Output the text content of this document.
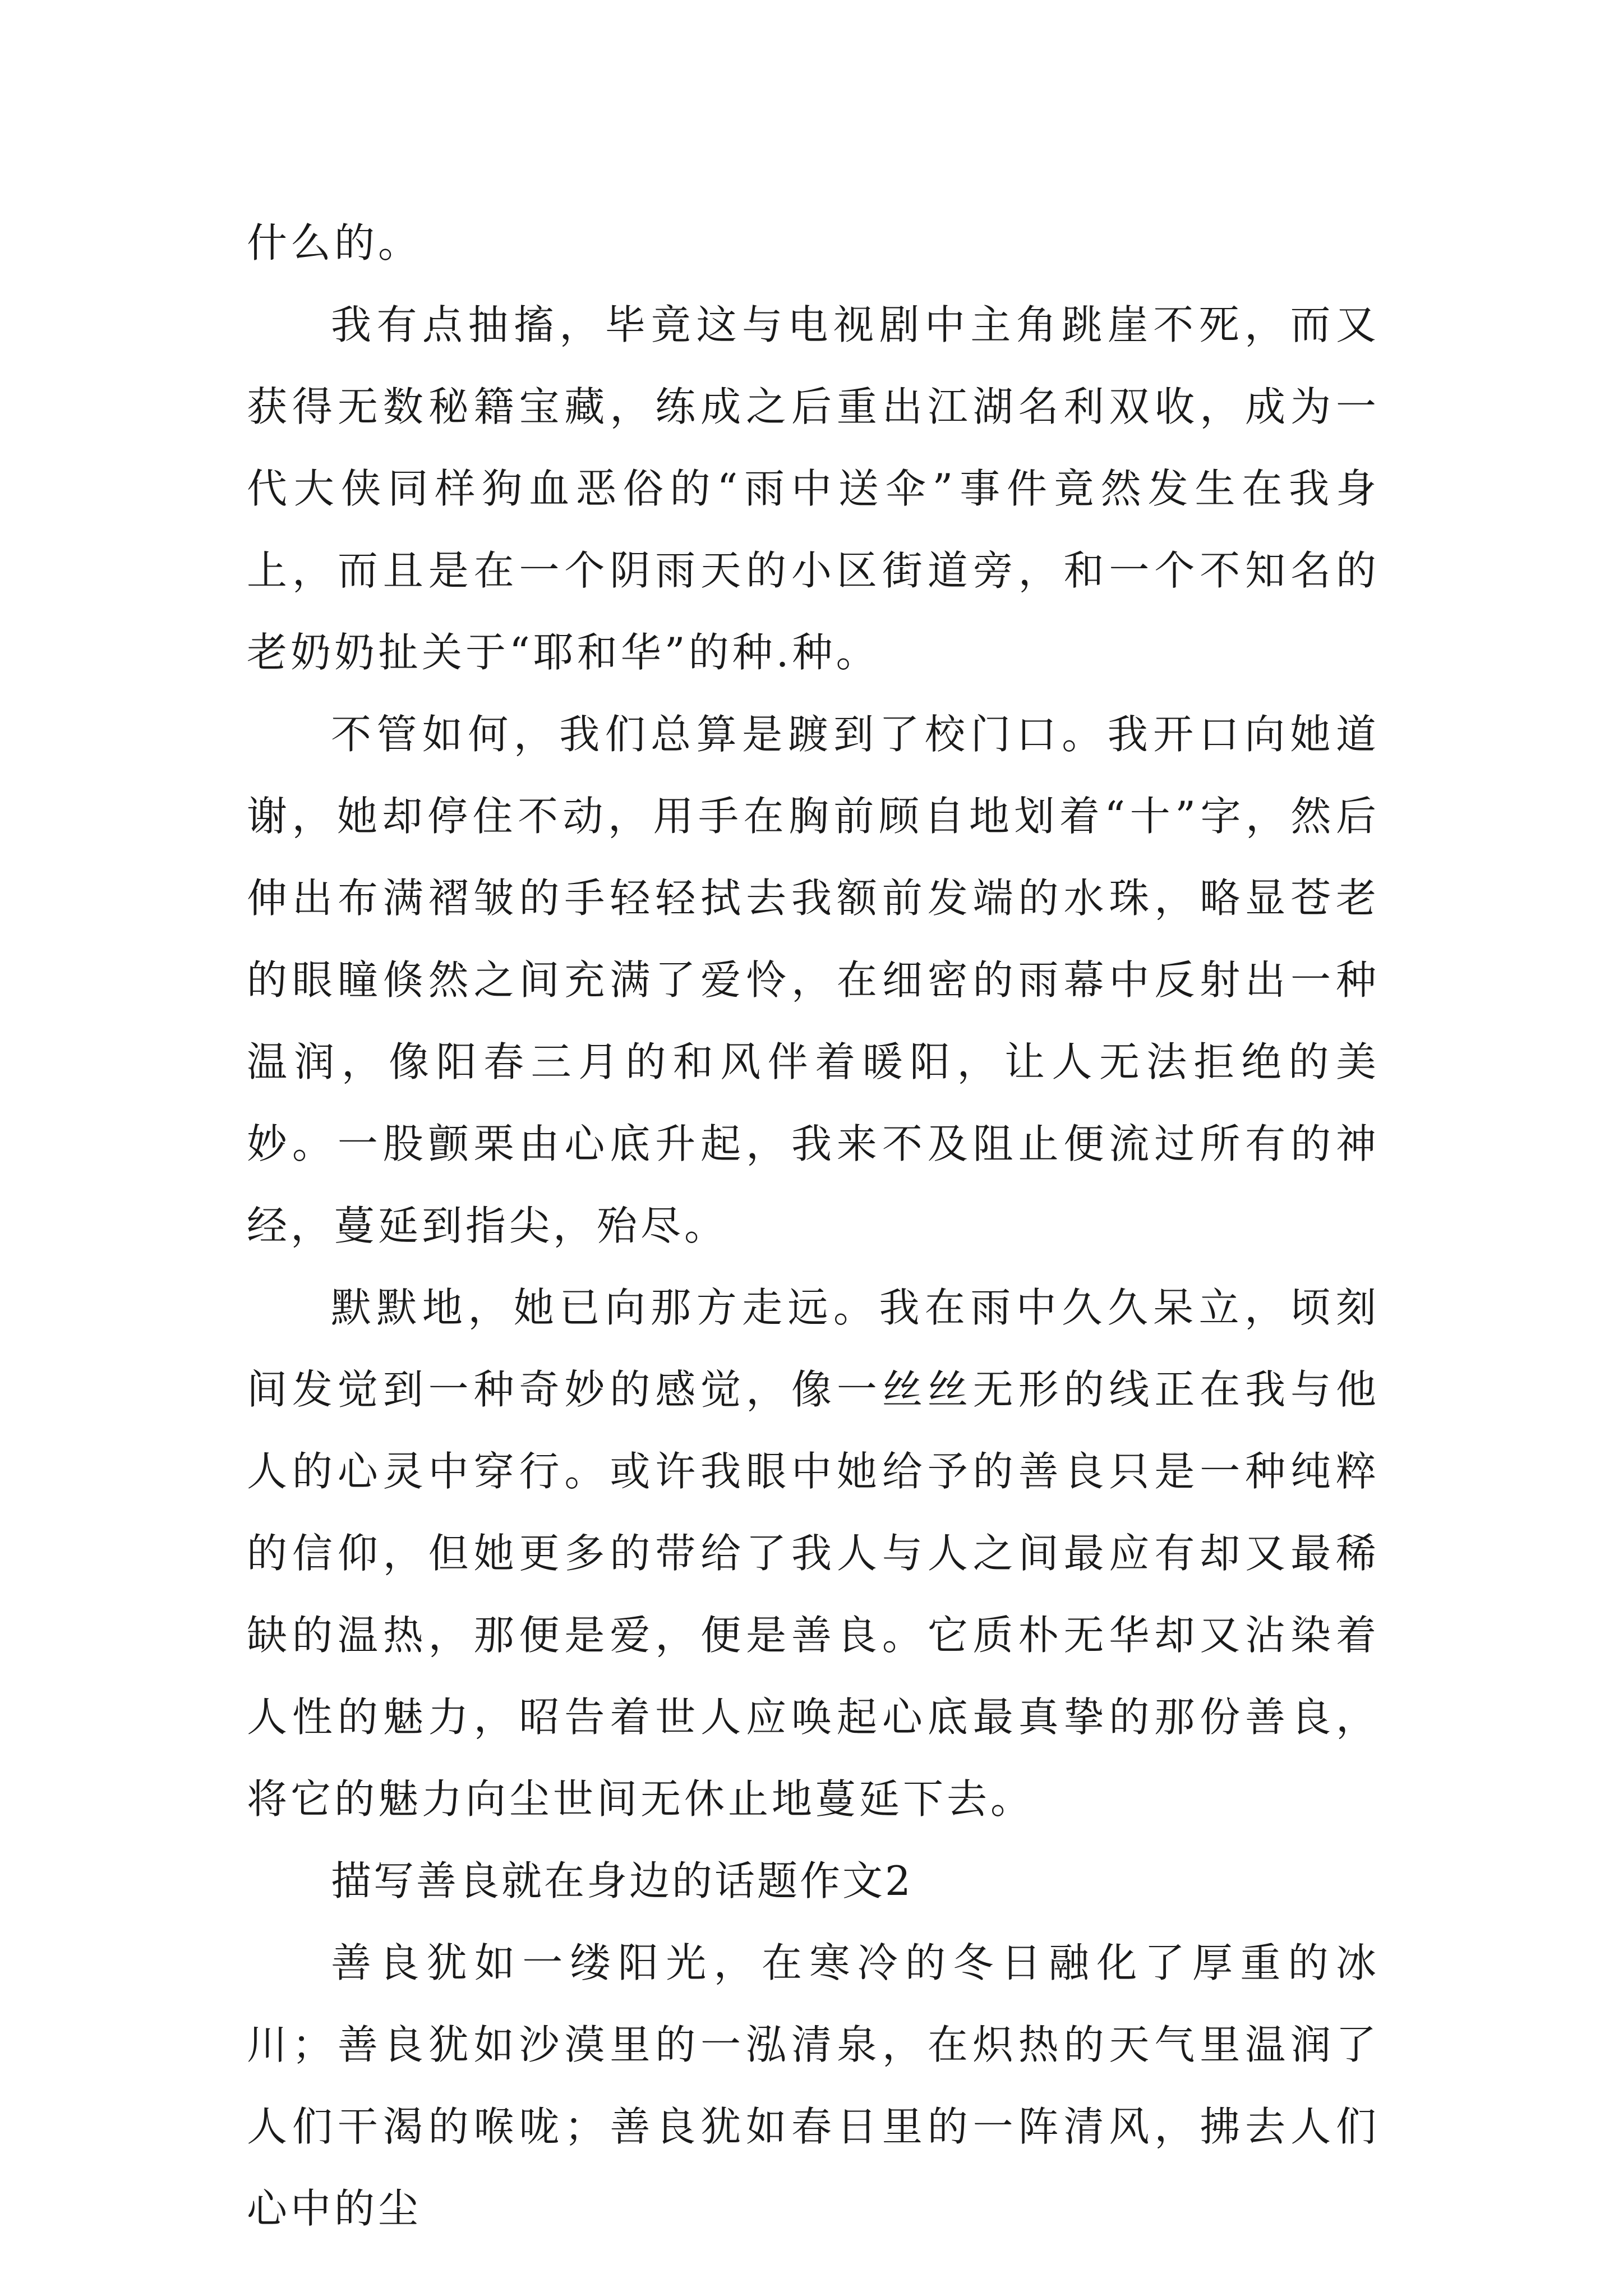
什么的。

我有点抽搐，毕竟这与电视剧中主角跳崖不死，而又获得无数秘籍宝藏，练成之后重出江湖名利双收，成为一代大侠同样狗血恶俗的“雨中送伞”事件竟然发生在我身上，而且是在一个阴雨天的小区街道旁，和一个不知名的老奶奶扯关于“耶和华”的种.种。

不管如何，我们总算是踱到了校门口。我开口向她道谢，她却停住不动，用手在胸前顾自地划着“十”字，然后伸出布满褶皱的手轻轻拭去我额前发端的水珠，略显苍老的眼瞳倏然之间充满了爱怜，在细密的雨幕中反射出一种温润，像阳春三月的和风伴着暖阳，让人无法拒绝的美妙。一股颤栗由心底升起，我来不及阻止便流过所有的神经，蔓延到指尖，殆尽。

默默地，她已向那方走远。我在雨中久久呆立，顷刻间发觉到一种奇妙的感觉，像一丝丝无形的线正在我与他人的心灵中穿行。或许我眼中她给予的善良只是一种纯粹的信仰，但她更多的带给了我人与人之间最应有却又最稀缺的温热，那便是爱，便是善良。它质朴无华却又沾染着人性的魅力，昭告着世人应唤起心底最真挚的那份善良，将它的魅力向尘世间无休止地蔓延下去。

描写善良就在身边的话题作文2

善良犹如一缕阳光，在寒冷的冬日融化了厚重的冰川；善良犹如沙漠里的一泓清泉，在炽热的天气里温润了人们干渴的喉咙；善良犹如春日里的一阵清风，拂去人们心中的尘
